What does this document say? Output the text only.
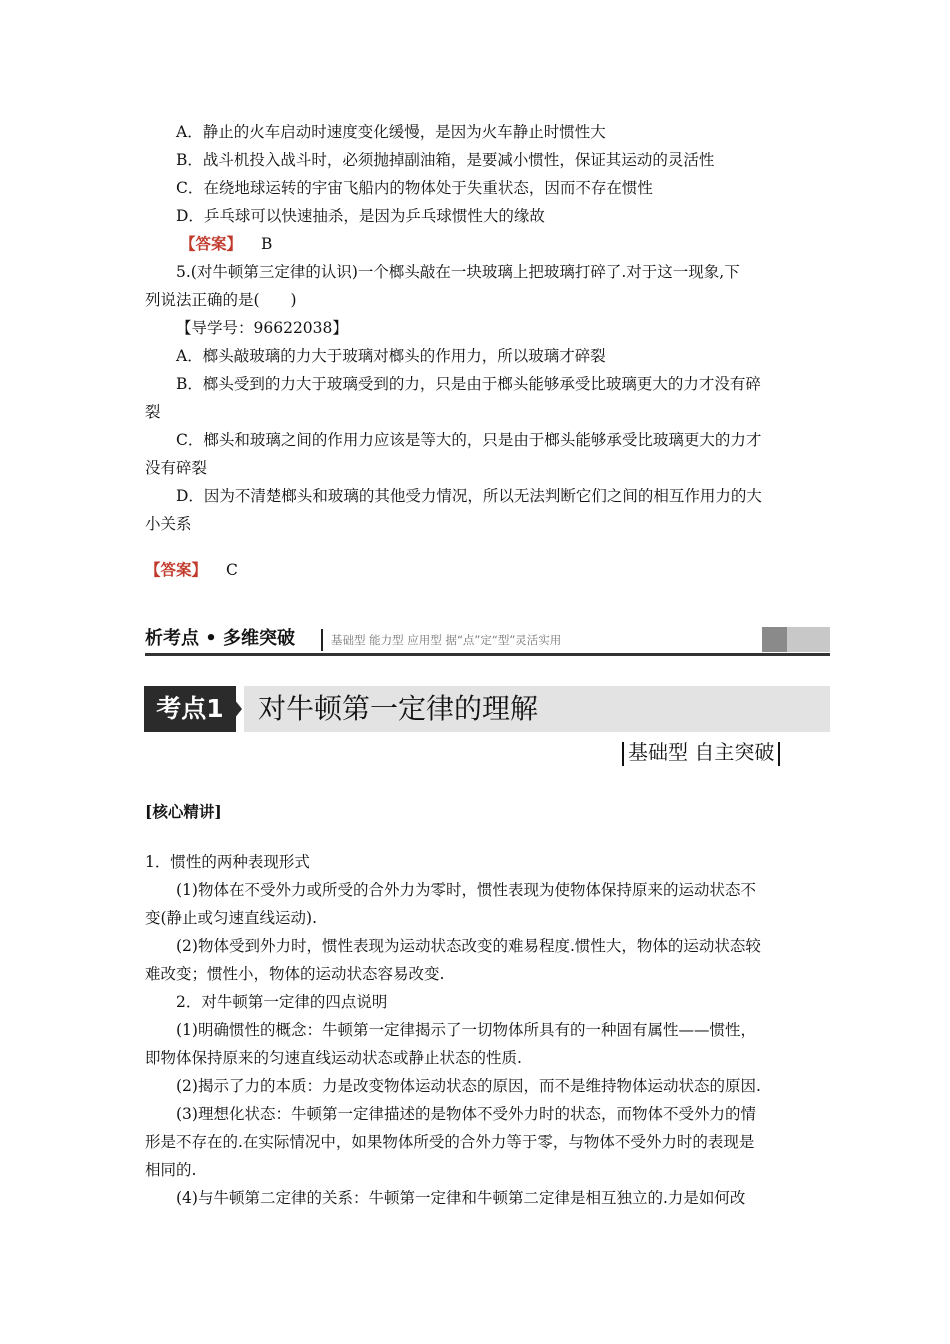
A．静止的火车启动时速度变化缓慢，是因为火车静止时惯性大
B．战斗机投入战斗时，必须抛掉副油箱，是要减小惯性，保证其运动的灵活性
C．在绕地球运转的宇宙飞船内的物体处于失重状态，因而不存在惯性
D．乒乓球可以快速抽杀，是因为乒乓球惯性大的缘故
【答案】 B
5.(对牛顿第三定律的认识)一个榔头敲在一块玻璃上把玻璃打碎了.对于这一现象,下
列说法正确的是(　　)
【导学号：96622038】
A．榔头敲玻璃的力大于玻璃对榔头的作用力，所以玻璃才碎裂
B．榔头受到的力大于玻璃受到的力，只是由于榔头能够承受比玻璃更大的力才没有碎
裂
C．榔头和玻璃之间的作用力应该是等大的，只是由于榔头能够承受比玻璃更大的力才
没有碎裂
D．因为不清楚榔头和玻璃的其他受力情况，所以无法判断它们之间的相互作用力的大
小关系
【答案】 C
析考点 • 多维突破	基础型 能力型 应用型 据“点”定“型”灵活实用
考点1	对牛顿第一定律的理解
基础型 自主突破
[核心精讲]
1．惯性的两种表现形式
(1)物体在不受外力或所受的合外力为零时，惯性表现为使物体保持原来的运动状态不
变(静止或匀速直线运动).
(2)物体受到外力时，惯性表现为运动状态改变的难易程度.惯性大，物体的运动状态较
难改变；惯性小，物体的运动状态容易改变.
2．对牛顿第一定律的四点说明
(1)明确惯性的概念：牛顿第一定律揭示了一切物体所具有的一种固有属性——惯性，
即物体保持原来的匀速直线运动状态或静止状态的性质.
(2)揭示了力的本质：力是改变物体运动状态的原因，而不是维持物体运动状态的原因.
(3)理想化状态：牛顿第一定律描述的是物体不受外力时的状态，而物体不受外力的情
形是不存在的.在实际情况中，如果物体所受的合外力等于零，与物体不受外力时的表现是
相同的.
(4)与牛顿第二定律的关系：牛顿第一定律和牛顿第二定律是相互独立的.力是如何改
